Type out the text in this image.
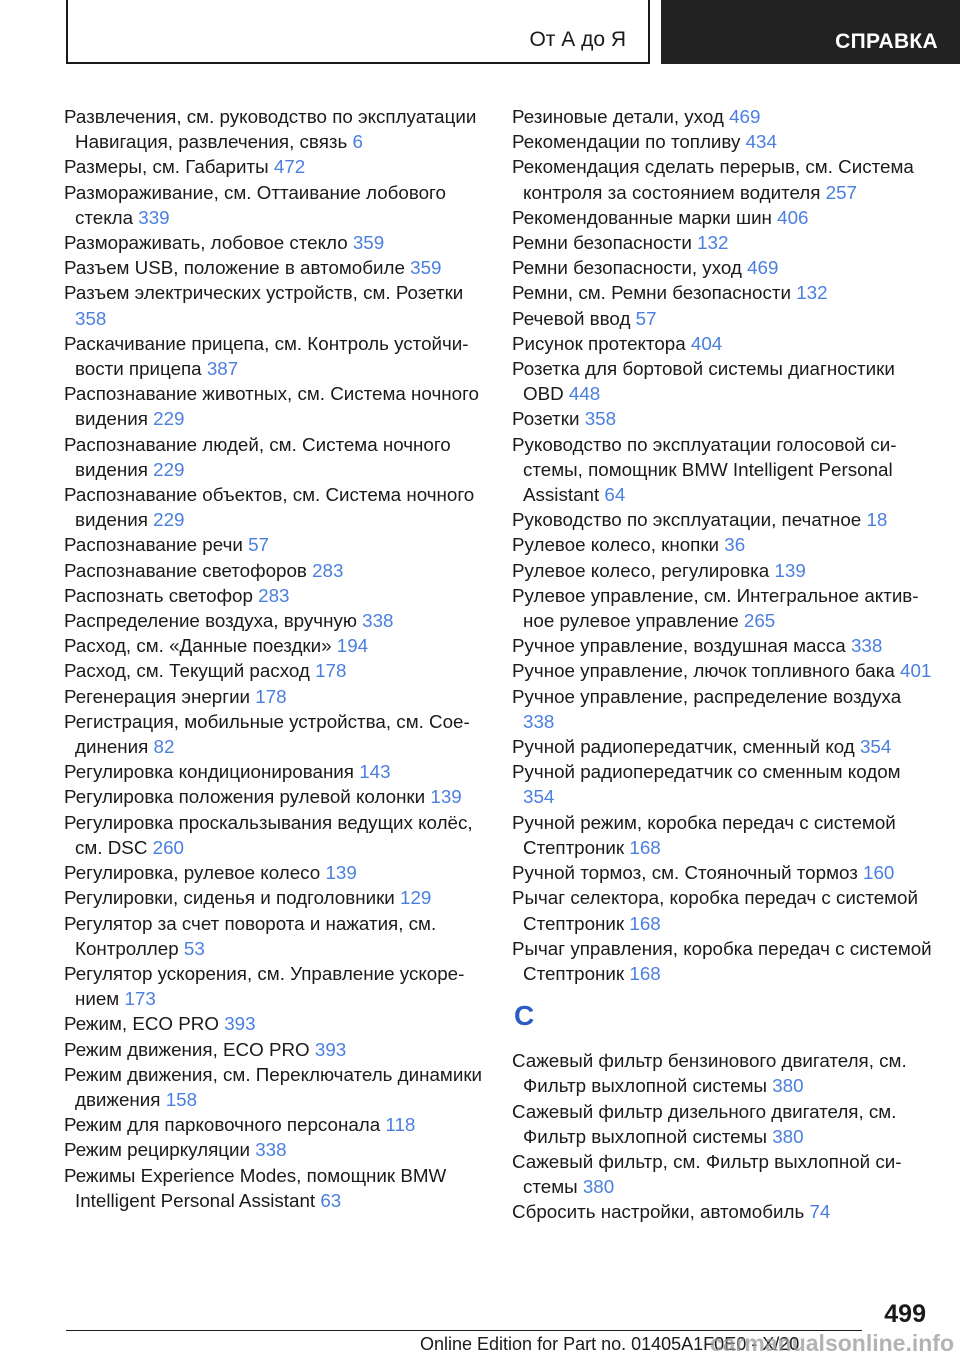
От А до Я	СПРАВКА

Развлечения, см. руководство по эксплуатации Навигация, развлечения, связь 6

Размеры, см. Габариты 472

Размораживание, см. Оттаивание лобового стекла 339

Размораживать, лобовое стекло 359

Разъем USB, положение в автомобиле 359

Разъем электрических устройств, см. Розетки 358

Раскачивание прицепа, см. Контроль устойчивости прицепа 387

Распознавание животных, см. Система ночного видения 229

Распознавание людей, см. Система ночного видения 229

Распознавание объектов, см. Система ночного видения 229

Распознавание речи 57

Распознавание светофоров 283

Распознать светофор 283

Распределение воздуха, вручную 338

Расход, см. «Данные поездки» 194

Расход, см. Текущий расход 178

Регенерация энергии 178

Регистрация, мобильные устройства, см. Соединения 82

Регулировка кондиционирования 143

Регулировка положения рулевой колонки 139

Регулировка проскальзывания ведущих колёс, см. DSC 260

Регулировка, рулевое колесо 139

Регулировки, сиденья и подголовники 129

Регулятор за счет поворота и нажатия, см. Контроллер 53

Регулятор ускорения, см. Управление ускорением 173

Режим, ECO PRO 393

Режим движения, ECO PRO 393

Режим движения, см. Переключатель динамики движения 158

Режим для парковочного персонала 118

Режим рециркуляции 338

Режимы Experience Modes, помощник BMW Intelligent Personal Assistant 63

Резиновые детали, уход 469

Рекомендации по топливу 434

Рекомендация сделать перерыв, см. Система контроля за состоянием водителя 257

Рекомендованные марки шин 406

Ремни безопасности 132

Ремни безопасности, уход 469

Ремни, см. Ремни безопасности 132

Речевой ввод 57

Рисунок протектора 404

Розетка для бортовой системы диагностики OBD 448

Розетки 358

Руководство по эксплуатации голосовой системы, помощник BMW Intelligent Personal Assistant 64

Руководство по эксплуатации, печатное 18

Рулевое колесо, кнопки 36

Рулевое колесо, регулировка 139

Рулевое управление, см. Интегральное активное рулевое управление 265

Ручное управление, воздушная масса 338

Ручное управление, лючок топливного бака 401

Ручное управление, распределение воздуха 338

Ручной радиопередатчик, сменный код 354

Ручной радиопередатчик со сменным кодом 354

Ручной режим, коробка передач с системой Стептроник 168

Ручной тормоз, см. Стояночный тормоз 160

Рычаг селектора, коробка передач с системой Стептроник 168

Рычаг управления, коробка передач с системой Стептроник 168

С

Сажевый фильтр бензинового двигателя, см. Фильтр выхлопной системы 380

Сажевый фильтр дизельного двигателя, см. Фильтр выхлопной системы 380

Сажевый фильтр, см. Фильтр выхлопной системы 380

Сбросить настройки, автомобиль 74

499
Online Edition for Part no. 01405A1F0E0 - X/20
carmanualsonline.info
